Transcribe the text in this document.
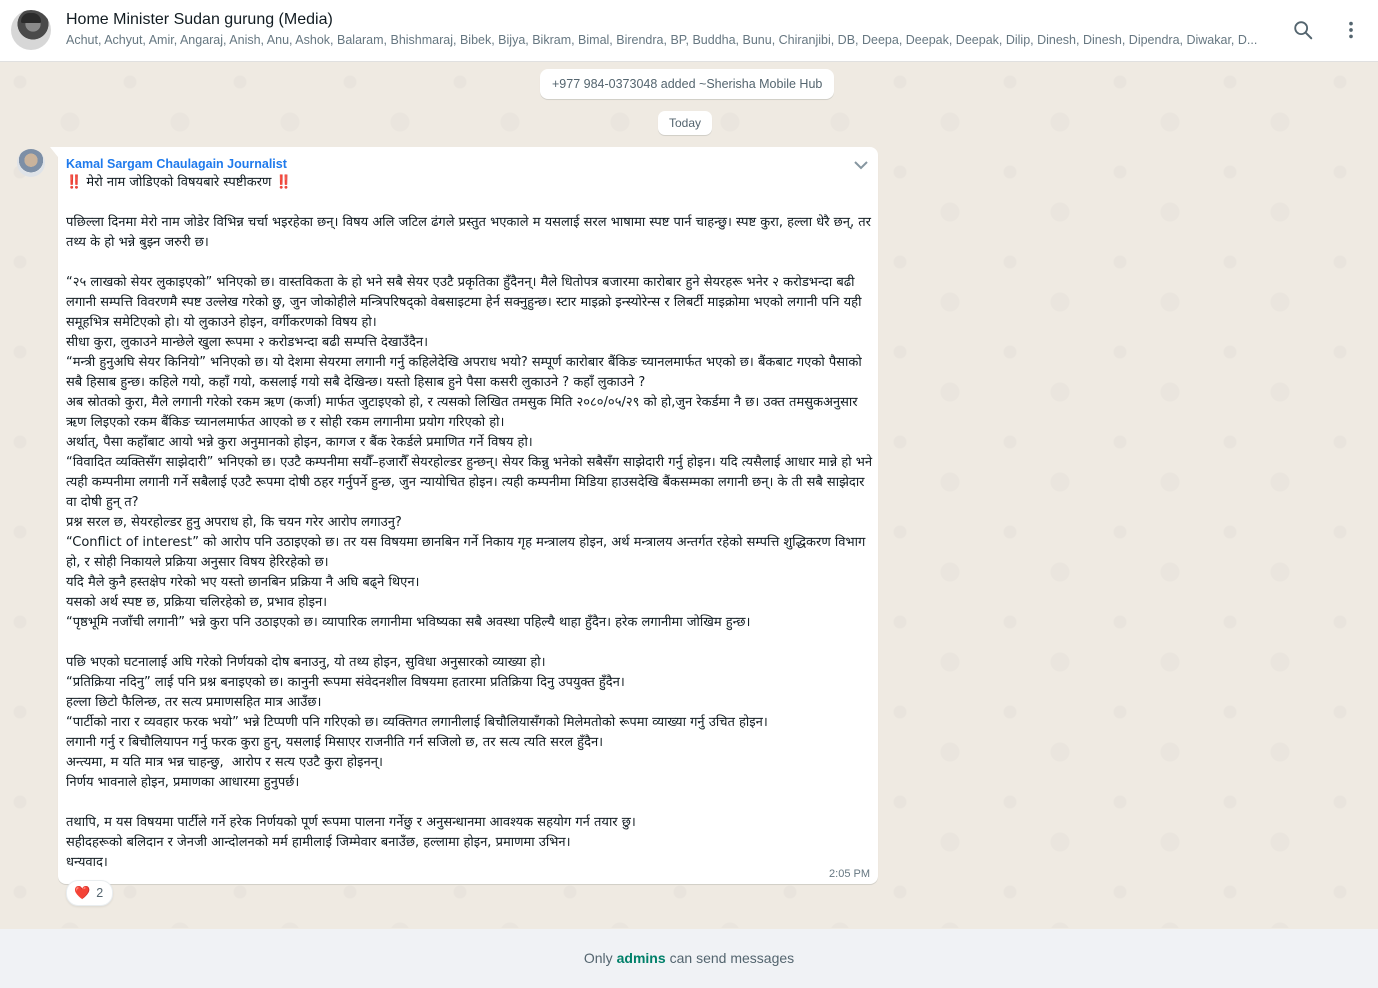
Home Minister Sudan gurung (Media)
Achut, Achyut, Amir, Angaraj, Anish, Anu, Ashok, Balaram, Bhishmaraj, Bibek, Bijya, Bikram, Bimal, Birendra, BP, Buddha, Bunu, Chiranjibi, DB, Deepa, Deepak, Deepak, Dilip, Dinesh, Dinesh, Dipendra, Diwakar, D...
+977 984-0373048 added ~Sherisha Mobile Hub
Today
Kamal Sargam Chaulagain Journalist

‼️ मेरो नाम जोडिएको विषयबारे स्पष्टीकरण ‼️

पछिल्ला दिनमा मेरो नाम जोडेर विभिन्न चर्चा भइरहेका छन्। विषय अलि जटिल ढंगले प्रस्तुत भएकाले म यसलाई सरल भाषामा स्पष्ट पार्न चाहन्छु। स्पष्ट कुरा, हल्ला धेरै छन्, तर तथ्य के हो भन्ने बुझ्न जरुरी छ।

“२५ लाखको सेयर लुकाइएको” भनिएको छ। वास्तविकता के हो भने सबै सेयर एउटै प्रकृतिका हुँदैनन्। मैले धितोपत्र बजारमा कारोबार हुने सेयरहरू भनेर २ करोडभन्दा बढी लगानी सम्पत्ति विवरणमै स्पष्ट उल्लेख गरेको छु, जुन जोकोहीले मन्त्रिपरिषद्को वेबसाइटमा हेर्न सक्नुहुन्छ। स्टार माइक्रो इन्स्योरेन्स र लिबर्टी माइक्रोमा भएको लगानी पनि यही समूहभित्र समेटिएको हो। यो लुकाउने होइन, वर्गीकरणको विषय हो।

सीधा कुरा, लुकाउने मान्छेले खुला रूपमा २ करोडभन्दा बढी सम्पत्ति देखाउँदैन।

“मन्त्री हुनुअघि सेयर किनियो” भनिएको छ। यो देशमा सेयरमा लगानी गर्नु कहिलेदेखि अपराध भयो? सम्पूर्ण कारोबार बैंकिङ च्यानलमार्फत भएको छ। बैंकबाट गएको पैसाको सबै हिसाब हुन्छ। कहिले गयो, कहाँ गयो, कसलाई गयो सबै देखिन्छ। यस्तो हिसाब हुने पैसा कसरी लुकाउने ? कहाँ लुकाउने ?

अब स्रोतको कुरा, मैले लगानी गरेको रकम ऋण (कर्जा) मार्फत जुटाइएको हो, र त्यसको लिखित तमसुक मिति २०८०/०५/२९ को हो,जुन रेकर्डमा नै छ। उक्त तमसुकअनुसार ऋण लिइएको रकम बैंकिङ च्यानलमार्फत आएको छ र सोही रकम लगानीमा प्रयोग गरिएको हो।

अर्थात्, पैसा कहाँबाट आयो भन्ने कुरा अनुमानको होइन, कागज र बैंक रेकर्डले प्रमाणित गर्ने विषय हो।

“विवादित व्यक्तिसँग साझेदारी” भनिएको छ। एउटै कम्पनीमा सयौँ–हजारौँ सेयरहोल्डर हुन्छन्। सेयर किन्नु भनेको सबैसँग साझेदारी गर्नु होइन। यदि त्यसैलाई आधार मान्ने हो भने त्यही कम्पनीमा लगानी गर्ने सबैलाई एउटै रूपमा दोषी ठहर गर्नुपर्ने हुन्छ, जुन न्यायोचित होइन। त्यही कम्पनीमा मिडिया हाउसदेखि बैंकसम्मका लगानी छन्। के ती सबै साझेदार वा दोषी हुन् त?

प्रश्न सरल छ, सेयरहोल्डर हुनु अपराध हो, कि चयन गरेर आरोप लगाउनु?

“Conflict of interest” को आरोप पनि उठाइएको छ। तर यस विषयमा छानबिन गर्ने निकाय गृह मन्त्रालय होइन, अर्थ मन्त्रालय अन्तर्गत रहेको सम्पत्ति शुद्धिकरण विभाग हो, र सोही निकायले प्रक्रिया अनुसार विषय हेरिरहेको छ।

यदि मैले कुनै हस्तक्षेप गरेको भए यस्तो छानबिन प्रक्रिया नै अघि बढ्ने थिएन।

यसको अर्थ स्पष्ट छ, प्रक्रिया चलिरहेको छ, प्रभाव होइन।

“पृष्ठभूमि नजाँची लगानी” भन्ने कुरा पनि उठाइएको छ। व्यापारिक लगानीमा भविष्यका सबै अवस्था पहिल्यै थाहा हुँदैन। हरेक लगानीमा जोखिम हुन्छ।

पछि भएको घटनालाई अघि गरेको निर्णयको दोष बनाउनु, यो तथ्य होइन, सुविधा अनुसारको व्याख्या हो।

“प्रतिक्रिया नदिनु” लाई पनि प्रश्न बनाइएको छ। कानुनी रूपमा संवेदनशील विषयमा हतारमा प्रतिक्रिया दिनु उपयुक्त हुँदैन।

हल्ला छिटो फैलिन्छ, तर सत्य प्रमाणसहित मात्र आउँछ।

“पार्टीको नारा र व्यवहार फरक भयो” भन्ने टिप्पणी पनि गरिएको छ। व्यक्तिगत लगानीलाई बिचौलियासँगको मिलेमतोको रूपमा व्याख्या गर्नु उचित होइन।

लगानी गर्नु र बिचौलियापन गर्नु फरक कुरा हुन्, यसलाई मिसाएर राजनीति गर्न सजिलो छ, तर सत्य त्यति सरल हुँदैन।

अन्त्यमा, म यति मात्र भन्न चाहन्छु,  आरोप र सत्य एउटै कुरा होइनन्।

निर्णय भावनाले होइन, प्रमाणका आधारमा हुनुपर्छ।

तथापि, म यस विषयमा पार्टीले गर्ने हरेक निर्णयको पूर्ण रूपमा पालना गर्नेछु र अनुसन्धानमा आवश्यक सहयोग गर्न तयार छु।

सहीदहरूको बलिदान र जेनजी आन्दोलनको मर्म हामीलाई जिम्मेवार बनाउँछ, हल्लामा होइन, प्रमाणमा उभिन।

धन्यवाद।

2:05 PM
❤️ 2
Only admins can send messages
